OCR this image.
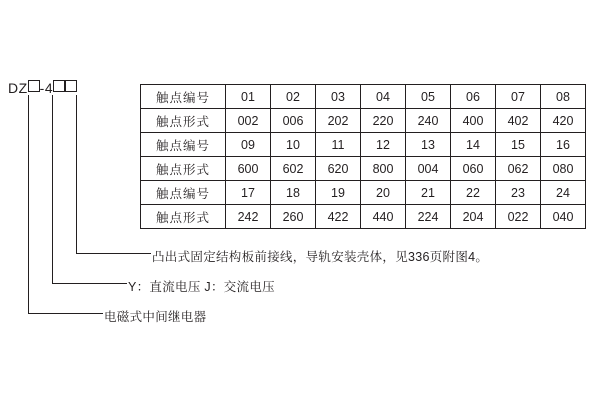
DZ -4
触点编号	01	02	03	04	05	06	07	08
触点形式	002	006	202	220	240	400	402	420
触点编号	09	10	11	12	13	14	15	16
触点形式	600	602	620	800	004	060	062	080
触点编号	17	18	19	20	21	22	23	24
触点形式	242	260	422	440	224	204	022	040
凸出式固定结构板前接线，导轨安装壳体，见336页附图4。
Y：直流电压 J：交流电压
电磁式中间继电器
